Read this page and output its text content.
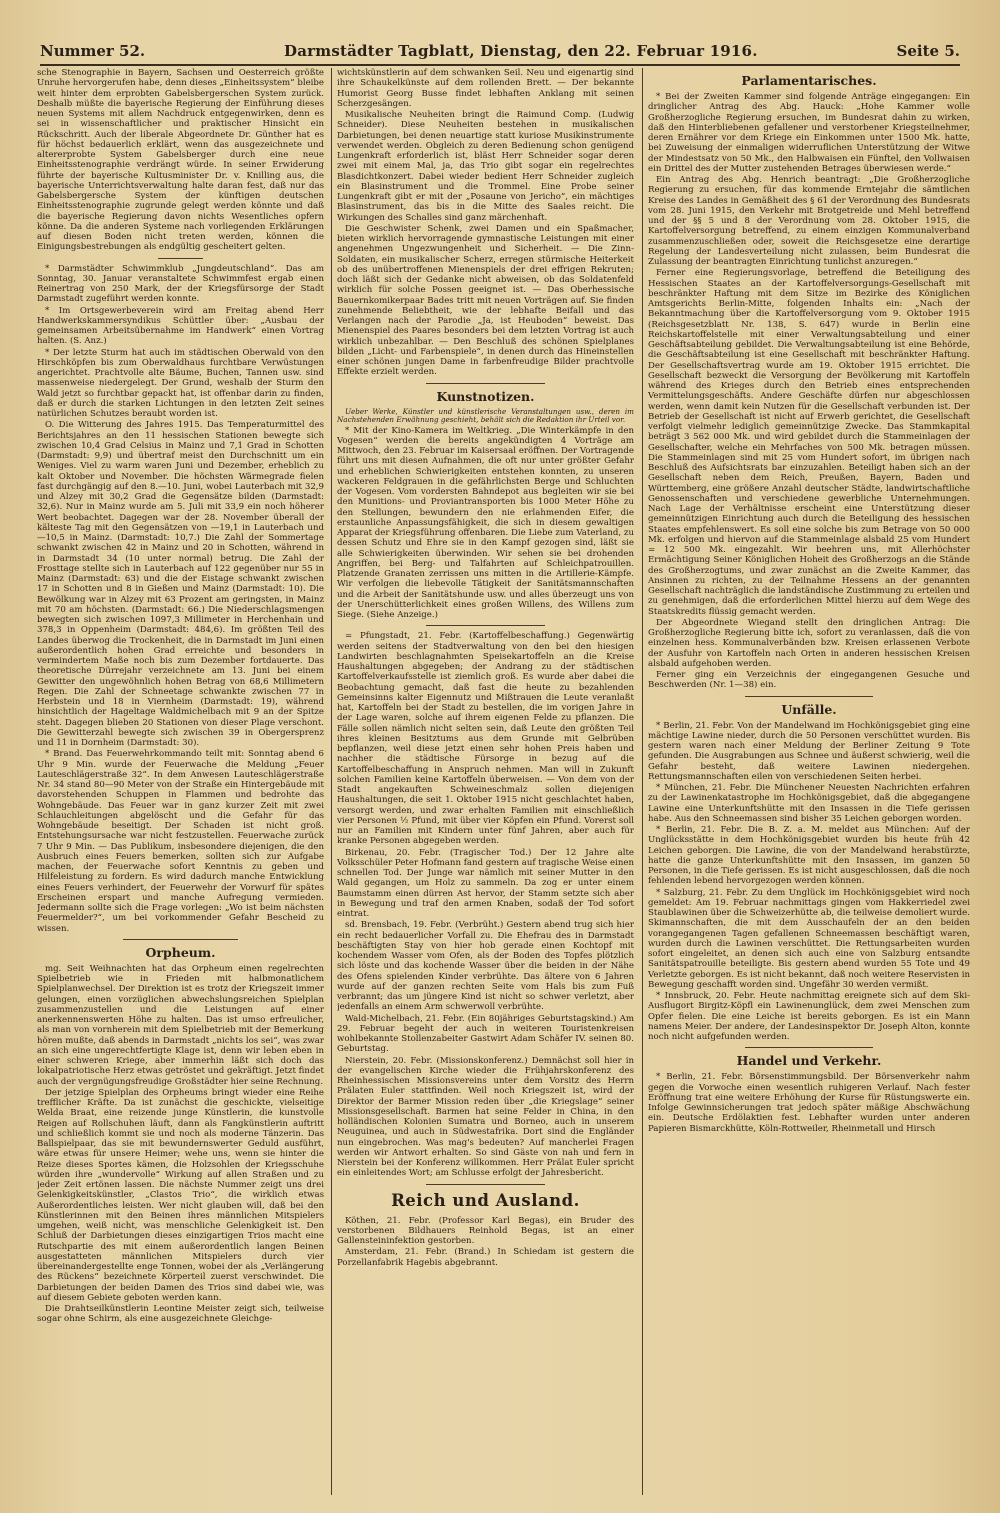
Nummer 52.	Darmstädter Tagblatt, Dienstag, den 22. Februar 1916.	Seite 5.

sche Stenographie in Bayern, Sachsen und Oesterreich größte Unruhe hervorgerufen habe, denn dieses „Einheitssystem“ bleibe weit hinter dem erprobten Gabelsbergerschen System zurück. Deshalb müßte die bayerische Regierung der Einführung dieses neuen Systems mit allem Nachdruck entgegenwirken, denn es sei in wissenschaftlicher und praktischer Hinsicht ein Rückschritt. Auch der liberale Abgeordnete Dr. Günther hat es für höchst bedauerlich erklärt, wenn das ausgezeichnete und altererprobte System Gabelsberger durch eine neue Einheitsstenographie verdrängt würde. In seiner Erwiderung führte der bayerische Kultusminister Dr. v. Knilling aus, die bayerische Unterrichtsverwaltung halte daran fest, daß nur das Gabelsbergersche System der künftigen deutschen Einheitsstenographie zugrunde gelegt werden könnte und daß die bayerische Regierung davon nichts Wesentliches opfern könne. Da die anderen Systeme nach vorliegenden Erklärungen auf diesen Boden nicht treten werden, können die Einigungsbestrebungen als endgültig gescheitert gelten.

* Darmstädter Schwimmklub „Jungdeutschland“. Das am Sonntag, 30. Januar veranstaltete Schwimmfest ergab einen Reinertrag von 250 Mark, der der Kriegsfürsorge der Stadt Darmstadt zugeführt werden konnte.

* Im Ortsgewerbeverein wird am Freitag abend Herr Handwerkskammersyndikus Schüttler über: „Ausbau der gemeinsamen Arbeitsübernahme im Handwerk“ einen Vortrag halten. (S. Anz.)

* Der letzte Sturm hat auch im städtischen Oberwald von den Hirschköpfen bis zum Oberwaldhaus furchtbare Verwüstungen angerichtet. Prachtvolle alte Bäume, Buchen, Tannen usw. sind massenweise niedergelegt. Der Grund, weshalb der Sturm den Wald jetzt so furchtbar gepackt hat, ist offenbar darin zu finden, daß er durch die starken Lichtungen in den letzten Zeit seines natürlichen Schutzes beraubt worden ist.

O. Die Witterung des Jahres 1915. Das Temperaturmittel des Berichtsjahres an den 11 hessischen Stationen bewegte sich zwischen 10,4 Grad Celsius in Mainz und 7,1 Grad in Schotten (Darmstadt: 9,9) und übertraf meist den Durchschnitt um ein Weniges. Viel zu warm waren Juni und Dezember, erheblich zu kalt Oktober und November. Die höchsten Wärmegrade fielen fast durchgängig auf den 8.—10. Juni, wobei Lauterbach mit 32,9 und Alzey mit 30,2 Grad die Gegensätze bilden (Darmstadt: 32,6). Nur in Mainz wurde am 5. Juli mit 33,9 ein noch höherer Wert beobachtet. Dagegen war der 28. November überall der kälteste Tag mit den Gegensätzen von —19,1 in Lauterbach und —10,5 in Mainz. (Darmstadt: 10,7.) Die Zahl der Sommertage schwankt zwischen 42 in Mainz und 20 in Schotten, während in in Darmstadt 34 (10 unter normal) betrug. Die Zahl der Frosttage stellte sich in Lauterbach auf 122 gegenüber nur 55 in Mainz (Darmstadt: 63) und die der Eistage schwankt zwischen 17 in Schotten und 8 in Gießen und Mainz (Darmstadt: 10). Die Bewölkung war in Alzey mit 63 Prozent am geringsten, in Mainz mit 70 am höchsten. (Darmstadt: 66.) Die Niederschlagsmengen bewegten sich zwischen 1097,3 Millimeter in Herchenhain und 378,3 in Oppenheim (Darmstadt: 484,6). Im größten Teil des Landes überwog die Trockenheit, die in Darmstadt im Juni einen außerordentlich hohen Grad erreichte und besonders in vermindertem Maße noch bis zum Dezember fortdauerte. Das theoretische Dürrejahr verzeichnete am 13. Juni bei einem Gewitter den ungewöhnlich hohen Betrag von 68,6 Millimetern Regen. Die Zahl der Schneetage schwankte zwischen 77 in Herbstein und 18 in Viernheim (Darmstadt: 19), während hinsichtlich der Hageltage Waldmichelbach mit 9 an der Spitze steht. Dagegen blieben 20 Stationen von dieser Plage verschont. Die Gewitterzahl bewegte sich zwischen 39 in Obergersprenz und 11 in Dornheim (Darmstadt: 30).

* Brand. Das Feuerwehrkommando teilt mit: Sonntag abend 6 Uhr 9 Min. wurde der Feuerwache die Meldung „Feuer Lauteschlägerstraße 32“. In dem Anwesen Lauteschlägerstraße Nr. 34 stand 80—90 Meter von der Straße ein Hintergebäude mit davorstehenden Schuppen in Flammen und bedrohte das Wohngebäude. Das Feuer war in ganz kurzer Zeit mit zwei Schlauchleitungen abgelöscht und die Gefahr für das Wohngebäude beseitigt. Der Schaden ist nicht groß. Entstehungsursache war nicht festzustellen. Feuerwache zurück 7 Uhr 9 Min. — Das Publikum, insbesondere diejenigen, die den Ausbruch eines Feuers bemerken, sollten sich zur Aufgabe machen, der Feuerwache sofort Kenntnis zu geben und Hilfeleistung zu fordern. Es wird dadurch manche Entwicklung eines Feuers verhindert, der Feuerwehr der Vorwurf für spätes Erscheinen erspart und manche Aufregung vermieden. Jedermann sollte sich die Frage vorlegen: „Wo ist beim nächsten Feuermelder?“, um bei vorkommender Gefahr Bescheid zu wissen.

Orpheum.

mg. Seit Weihnachten hat das Orpheum einen regelrechten Spielbetrieb wie in Frieden mit halbmonatlichem Spielplanwechsel. Der Direktion ist es trotz der Kriegszeit immer gelungen, einen vorzüglichen abwechslungsreichen Spielplan zusammenzustellen und die Leistungen auf einer anerkennenswerten Höhe zu halten. Das ist umso erfreulicher, als man von vornherein mit dem Spielbetrieb mit der Bemerkung hören mußte, daß abends in Darmstadt „nichts los sei“, was zwar an sich eine ungerechtfertigte Klage ist, denn wir leben eben in einer schweren Kriege, aber immerhin läßt sich doch das lokalpatriotische Herz etwas getröstet und gekräftigt. Jetzt findet auch der vergnügungsfreudige Großstädter hier seine Rechnung.

Der jetzige Spielplan des Orpheums bringt wieder eine Reihe trefflicher Kräfte. Da ist zunächst die geschickte, vielseitige Welda Braat, eine reizende junge Künstlerin, die kunstvolle Reigen auf Rollschuhen läuft, dann als Fangkünstlerin auftritt und schließlich kommt sie und noch als moderne Tänzerin. Das Ballspielpaar, das sie mit bewundernswerter Geduld ausführt, wäre etwas für unsere Heimer; wehe uns, wenn sie hinter die Reize dieses Sportes kämen, die Holzsohlen der Kriegsschuhe würden ihre „wundervolle“ Wirkung auf allen Straßen und zu jeder Zeit ertönen lassen. Die nächste Nummer zeigt uns drei Gelenkigkeitskünstler, „Clastos Trio“, die wirklich etwas Außerordentliches leisten. Wer nicht glauben will, daß bei den Künstlerinnen mit den Beinen ihres männlichen Mitspielers umgehen, weiß nicht, was menschliche Gelenkigkeit ist. Den Schluß der Darbietungen dieses einzigartigen Trios macht eine Rutschpartie des mit einem außerordentlich langen Beinen ausgestatteten männlichen Mitspielers durch vier übereinandergestellte enge Tonnen, wobei der als „Verlängerung des Rückens“ bezeichnete Körperteil zuerst verschwindet. Die Darbietungen der beiden Damen des Trios sind dabei wie, was auf diesem Gebiete geboten werden kann.

Die Drahtseilkünstlerin Leontine Meister zeigt sich, teilweise sogar ohne Schirm, als eine ausgezeichnete Gleichge-

wichtskünstlerin auf dem schwanken Seil. Neu und eigenartig sind ihre Schaukelkünste auf dem rollenden Brett. — Der bekannte Humorist Georg Busse findet lebhaften Anklang mit seinen Scherzgesängen.

Musikalische Neuheiten bringt die Raimund Comp. (Ludwig Schneider). Diese Neuheiten bestehen in musikalischen Darbietungen, bei denen neuartige statt kuriose Musikinstrumente verwendet werden. Obgleich zu deren Bedienung schon genügend Lungenkraft erforderlich ist, bläst Herr Schneider sogar deren zwei mit einem Mal, ja, das Trio gibt sogar ein regelrechtes Blasdichtkonzert. Dabei wieder bedient Herr Schneider zugleich ein Blasinstrument und die Trommel. Eine Probe seiner Lungenkraft gibt er mit der „Posaune von Jericho“, ein mächtiges Blasinstrument, das bis in die Mitte des Saales reicht. Die Wirkungen des Schalles sind ganz märchenhaft.

Die Geschwister Schenk, zwei Damen und ein Spaßmacher, bieten wirklich hervorragende gymnastische Leistungen mit einer angenehmen Ungezwungenheit und Sicherheit. — Die Zinn-Soldaten, ein musikalischer Scherz, erregen stürmische Heiterkeit ob des unübertroffenen Mienenspiels der drei effrigen Rekruten; doch läßt sich der Gedanke nicht abweisen, ob das Soldatenfeld wirklich für solche Possen geeignet ist. — Das Oberhessische Bauernkomikerpaar Bades tritt mit neuen Vorträgen auf. Sie finden zunehmende Beliebtheit, wie der lebhafte Beifall und das Verlangen nach der Parodie „Ja, ist Heuboden“ beweist. Das Mienenspiel des Paares besonders bei dem letzten Vortrag ist auch wirklich unbezahlbar. — Den Beschluß des schönen Spielplanes bilden „Licht- und Farbenspiele“, in denen durch das Hineinstellen einer schönen jungen Dame in farbenfreudige Bilder prachtvolle Effekte erzielt werden.

Kunstnotizen.

Ueber Werke, Künstler und künstlerische Veranstaltungen usw., deren im Nachstehenden Erwähnung geschieht, behält sich die Redaktion ihr Urteil vor.

* Mit der Kino-Kamera im Weltkrieg. „Die Winterkämpfe in den Vogesen“ werden die bereits angekündigten 4 Vorträge am Mittwoch, den 23. Februar im Kaisersaal eröffnen. Der Vortragende führt uns mit diesen Aufnahmen, die oft nur unter größter Gefahr und erheblichen Schwierigkeiten entstehen konnten, zu unseren wackeren Feldgrauen in die gefährlichsten Berge und Schluchten der Vogesen. Vom vordersten Bahndepot aus begleiten wir sie bei den Munitions- und Proviantransporten bis 1000 Meter Höhe zu den Stellungen, bewundern den nie erlahmenden Eifer, die erstaunliche Anpassungsfähigkeit, die sich in diesem gewaltigen Apparat der Kriegsführung offenbaren. Die Liebe zum Vaterland, zu dessen Schutz und Ehre sie in den Kampf gezogen sind, läßt sie alle Schwierigkeiten überwinden. Wir sehen sie bei drohenden Angriffen, bei Berg- und Talfahrten auf Schleichpatrouillen. Platzende Granaten zerrissen uns mitten in die Artillerie-Kämpfe. Wir verfolgen die liebevolle Tätigkeit der Sanitätsmannschaften und die Arbeit der Sanitätshunde usw. und alles überzeugt uns von der Unerschütterlichkeit eines großen Willens, des Willens zum Siege. (Siehe Anzeige.)

= Pfungstadt, 21. Febr. (Kartoffelbeschaffung.) Gegenwärtig werden seitens der Stadtverwaltung von den bei den hiesigen Landwirten beschlagnahmten Speisekartoffeln an die Kreise Haushaltungen abgegeben; der Andrang zu der städtischen Kartoffelverkaufsstelle ist ziemlich groß. Es wurde aber dabei die Beobachtung gemacht, daß fast die heute zu bezahlenden Gemeinsinns kalter Eigennutz und Mißtrauen die Leute veranlaßt hat, Kartoffeln bei der Stadt zu bestellen, die im vorigen Jahre in der Lage waren, solche auf ihrem eigenen Felde zu pflanzen. Die Fälle sollen nämlich nicht selten sein, daß Leute den größten Teil ihres kleinen Besitztums aus dem Grunde mit Gelbrüben bepflanzen, weil diese jetzt einen sehr hohen Preis haben und nachher die städtische Fürsorge in bezug auf die Kartoffelbeschaffung in Anspruch nehmen. Man will in Zukunft solchen Familien keine Kartoffeln überweisen. — Von dem von der Stadt angekauften Schweineschmalz sollen diejenigen Haushaltungen, die seit 1. Oktober 1915 nicht geschlachtet haben, versorgt werden, und zwar erhalten Familien mit einschließlich vier Personen ½ Pfund, mit über vier Köpfen ein Pfund. Vorerst soll nur an Familien mit Kindern unter fünf Jahren, aber auch für kranke Personen abgegeben werden.

Birkenau, 20. Febr. (Tragischer Tod.) Der 12 Jahre alte Volksschüler Peter Hofmann fand gestern auf tragische Weise einen schnellen Tod. Der Junge war nämlich mit seiner Mutter in den Wald gegangen, um Holz zu sammeln. Da zog er unter einem Baumstamm einen dürren Ast hervor, der Stamm setzte sich aber in Bewegung und traf den armen Knaben, sodaß der Tod sofort eintrat.

sd. Brensbach, 19. Febr. (Verbrüht.) Gestern abend trug sich hier ein recht bedauerlicher Vorfall zu. Die Ehefrau des in Darmstadt beschäftigten Stay von hier hob gerade einen Kochtopf mit kochendem Wasser vom Ofen, als der Boden des Topfes plötzlich sich löste und das kochende Wasser über die beiden in der Nähe des Ofens spielenden Kinder verbrühte. Das ältere von 6 Jahren wurde auf der ganzen rechten Seite vom Hals bis zum Fuß verbrannt; das um jüngere Kind ist nicht so schwer verletzt, aber jedenfalls an einem Arm schwerwoll verbrühte.

Wald-Michelbach, 21. Febr. (Ein 80jähriges Geburtstagskind.) Am 29. Februar begeht der auch in weiteren Touristenkreisen wohlbekannte Stollenzabeiter Gastwirt Adam Schäfer IV. seinen 80. Geburtstag.

Nierstein, 20. Febr. (Missionskonferenz.) Demnächst soll hier in der evangelischen Kirche wieder die Frühjahrskonferenz des Rheinhessischen Missionsvereins unter dem Vorsitz des Herrn Prälaten Euler stattfinden. Weil noch Kriegszeit ist, wird der Direktor der Barmer Mission reden über „die Kriegslage“ seiner Missionsgesellschaft. Barmen hat seine Felder in China, in den holländischen Kolonien Sumatra und Borneo, auch in unserem Neuguinea, und auch in Südwestafrika. Dort sind die Engländer nun eingebrochen. Was mag's bedeuten? Auf mancherlei Fragen werden wir Antwort erhalten. So sind Gäste von nah und fern in Nierstein bei der Konferenz willkommen. Herr Prälat Euler spricht ein einleitendes Wort; am Schlusse erfolgt der Jahresbericht.

Reich und Ausland.

Köthen, 21. Febr. (Professor Karl Begas), ein Bruder des verstorbenen Bildhauers Reinhold Begas, ist an einer Gallensteininfektion gestorben.

Amsterdam, 21. Febr. (Brand.) In Schiedam ist gestern die Porzellanfabrik Hagebis abgebrannt.

Parlamentarisches.

* Bei der Zweiten Kammer sind folgende Anträge eingegangen: Ein dringlicher Antrag des Abg. Hauck: „Hohe Kammer wolle Großherzogliche Regierung ersuchen, im Bundesrat dahin zu wirken, daß den Hinterbliebenen gefallener und verstorbener Kriegsteilnehmer, deren Ernährer vor dem Kriege ein Einkommen unter 1500 Mk. hatte, bei Zuweisung der einmaligen widerruflichen Unterstützung der Witwe der Mindestsatz von 50 Mk., den Halbwaisen ein Fünftel, den Vollwaisen ein Drittel des der Mutter zustehenden Betrages überwiesen werde.“

Ein Antrag des Abg. Henrich beantragt: „Die Großherzogliche Regierung zu ersuchen, für das kommende Erntejahr die sämtlichen Kreise des Landes in Gemäßheit des § 61 der Verordnung des Bundesrats vom 28. Juni 1915, den Verkehr mit Brotgetreide und Mehl betreffend und der §§ 5 und 8 der Verordnung vom 28. Oktober 1915, die Kartoffelversorgung betreffend, zu einem einzigen Kommunalverband zusammenzuschließen oder, soweit die Reichsgesetze eine derartige Regelung der Landesverteilung nicht zulassen, beim Bundesrat die Zulassung der beantragten Einrichtung tunlichst anzuregen.“

Ferner eine Regierungsvorlage, betreffend die Beteiligung des Hessischen Staates an der Kartoffelversorgungs-Gesellschaft mit beschränkter Haftung mit dem Sitze im Bezirke des Königlichen Amtsgerichts Berlin-Mitte, folgenden Inhalts ein: „Nach der Bekanntmachung über die Kartoffelversorgung vom 9. Oktober 1915 (Reichsgesetzblatt Nr. 138, S. 647) wurde in Berlin eine Reichskartoffelstelle mit einer Verwaltungsabteilung und einer Geschäftsabteilung gebildet. Die Verwaltungsabteilung ist eine Behörde, die Geschäftsabteilung ist eine Gesellschaft mit beschränkter Haftung. Der Gesellschaftsvertrag wurde am 19. Oktober 1915 errichtet. Die Gesellschaft bezweckt die Versorgung der Bevölkerung mit Kartoffeln während des Krieges durch den Betrieb eines entsprechenden Vermittelungsgeschäfts. Andere Geschäfte dürfen nur abgeschlossen werden, wenn damit kein Nutzen für die Gesellschaft verbunden ist. Der Betrieb der Gesellschaft ist nicht auf Erwerb gerichtet, die Gesellschaft verfolgt vielmehr lediglich gemeinnützige Zwecke. Das Stammkapital beträgt 3 562 000 Mk. und wird gebildet durch die Stammeinlagen der Gesellschafter, welche ein Mehrfaches von 500 Mk. betragen müssen. Die Stammeinlagen sind mit 25 vom Hundert sofort, im übrigen nach Beschluß des Aufsichtsrats bar einzuzahlen. Beteiligt haben sich an der Gesellschaft neben dem Reich, Preußen, Bayern, Baden und Württemberg, eine größere Anzahl deutscher Städte, landwirtschaftliche Genossenschaften und verschiedene gewerbliche Unternehmungen. Nach Lage der Verhältnisse erscheint eine Unterstützung dieser gemeinnützigen Einrichtung auch durch die Beteiligung des hessischen Staates empfehlenswert. Es soll eine solche bis zum Betrage von 50 000 Mk. erfolgen und hiervon auf die Stammeinlage alsbald 25 vom Hundert = 12 500 Mk. eingezahlt. Wir beehren uns, mit Allerhöchster Ermächtigung Seiner Königlichen Hoheit des Großherzogs an die Stände des Großherzogtums, und zwar zunächst an die Zweite Kammer, das Ansinnen zu richten, zu der Teilnahme Hessens an der genannten Gesellschaft nachträglich die landständische Zustimmung zu erteilen und zu genehmigen, daß die erforderlichen Mittel hierzu auf dem Wege des Staatskredits flüssig gemacht werden.

Der Abgeordnete Wiegand stellt den dringlichen Antrag: Die Großherzogliche Regierung bitte ich, sofort zu veranlassen, daß die von einzelnen hess. Kommunalverbänden bzw. Kreisen erlassenen Verbote der Ausfuhr von Kartoffeln nach Orten in anderen hessischen Kreisen alsbald aufgehoben werden.

Ferner ging ein Verzeichnis der eingegangenen Gesuche und Beschwerden (Nr. 1—38) ein.

Unfälle.

* Berlin, 21. Febr. Von der Mandelwand im Hochkönigsgebiet ging eine mächtige Lawine nieder, durch die 50 Personen verschüttet wurden. Bis gestern waren nach einer Meldung der Berliner Zeitung 9 Tote gefunden. Die Ausgrabungen aus Schnee und äußerst schwierig, weil die Gefahr besteht, daß weitere Lawinen niedergehen. Rettungsmannschaften eilen von verschiedenen Seiten herbei.

* München, 21. Febr. Die Münchener Neuesten Nachrichten erfahren zu der Lawinenkatastrophe im Hochkönigsgebiet, daß die abgegangene Lawine eine Unterkunftshütte mit den Insassen in die Tiefe gerissen habe. Aus den Schneemassen sind bisher 35 Leichen geborgen worden.

* Berlin, 21. Febr. Die B. Z. a. M. meldet aus München: Auf der Unglücksstätte in dem Hochkönigsgebiet wurden bis heute früh 42 Leichen geborgen. Die Lawine, die von der Mandelwand herabstürzte, hatte die ganze Unterkunftshütte mit den Insassen, im ganzen 50 Personen, in die Tiefe gerissen. Es ist nicht ausgeschlossen, daß die noch fehlenden lebend hervorgezogen werden können.

* Salzburg, 21. Febr. Zu dem Unglück im Hochkönigsgebiet wird noch gemeldet: Am 19. Februar nachmittags gingen vom Hakkerriedel zwei Staublawinen über die Schweizerhütte ab, die teilweise demoliert wurde. Skimannschaften, die mit dem Ausschaufeln der an den beiden vorangegangenen Tagen gefallenen Schneemassen beschäftigt waren, wurden durch die Lawinen verschüttet. Die Rettungsarbeiten wurden sofort eingeleitet, an denen sich auch eine von Salzburg entsandte Sanitätspatrouille beteiligte. Bis gestern abend wurden 55 Tote und 49 Verletzte geborgen. Es ist nicht bekannt, daß noch weitere Reservisten in Bewegung geschafft worden sind. Ungefähr 30 werden vermißt.

* Innsbruck, 20. Febr. Heute nachmittag ereignete sich auf dem Ski-Ausflugort Birgitz-Köpfl ein Lawinenunglück, dem zwei Menschen zum Opfer fielen. Die eine Leiche ist bereits geborgen. Es ist ein Mann namens Meier. Der andere, der Landesinspektor Dr. Joseph Alton, konnte noch nicht aufgefunden werden.

Handel und Verkehr.

* Berlin, 21. Febr. Börsenstimmungsbild. Der Börsenverkehr nahm gegen die Vorwoche einen wesentlich ruhigeren Verlauf. Nach fester Eröffnung trat eine weitere Erhöhung der Kurse für Rüstungswerte ein. Infolge Gewinnsicherungen trat jedoch später mäßige Abschwächung ein. Deutsche Erdölaktien fest. Lebhafter wurden unter anderen Papieren Bismarckhütte, Köln-Rottweiler, Rheinmetall und Hirsch
